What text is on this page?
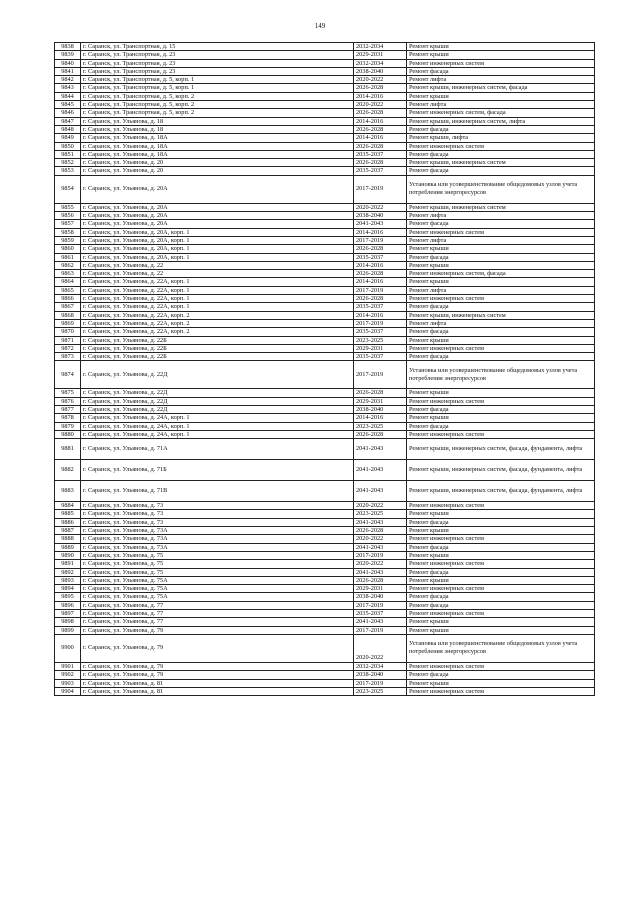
149
9838	г. Саранск, ул. Транспортная, д. 15	2032-2034	Ремонт крыши
9839	г. Саранск, ул. Транспортная, д. 23	2029-2031	Ремонт крыши
9840	г. Саранск, ул. Транспортная, д. 23	2032-2034	Ремонт инженерных систем
9841	г. Саранск, ул. Транспортная, д. 23	2038-2040	Ремонт фасада
9842	г. Саранск, ул. Транспортная, д. 5, корп. 1	2020-2022	Ремонт лифта
9843	г. Саранск, ул. Транспортная, д. 5, корп. 1	2026-2028	Ремонт крыши, инженерных систем, фасада
9844	г. Саранск, ул. Транспортная, д. 5, корп. 2	2014-2016	Ремонт крыши
9845	г. Саранск, ул. Транспортная, д. 5, корп. 2	2020-2022	Ремонт лифта
9846	г. Саранск, ул. Транспортная, д. 5, корп. 2	2026-2028	Ремонт инженерных систем, фасада
9847	г. Саранск, ул. Ульянова, д. 18	2014-2016	Ремонт крыши, инженерных систем, лифта
9848	г. Саранск, ул. Ульянова, д. 18	2026-2028	Ремонт фасада
9849	г. Саранск, ул. Ульянова, д. 18А	2014-2016	Ремонт крыши, лифта
9850	г. Саранск, ул. Ульянова, д. 18А	2026-2028	Ремонт инженерных систем
9851	г. Саранск, ул. Ульянова, д. 18А	2035-2037	Ремонт фасада
9852	г. Саранск, ул. Ульянова, д. 20	2026-2028	Ремонт крыши, инженерных систем
9853	г. Саранск, ул. Ульянова, д. 20	2035-2037	Ремонт фасада
9854	г. Саранск, ул. Ульянова, д. 20А	2017-2019	Установка или усовершенствование общедомовых узлов учета потребления энергоресурсов
9855	г. Саранск, ул. Ульянова, д. 20А	2020-2022	Ремонт крыши, инженерных систем
9856	г. Саранск, ул. Ульянова, д. 20А	2038-2040	Ремонт лифта
9857	г. Саранск, ул. Ульянова, д. 20А	2041-2043	Ремонт фасада
9858	г. Саранск, ул. Ульянова, д. 20А, корп. 1	2014-2016	Ремонт инженерных систем
9859	г. Саранск, ул. Ульянова, д. 20А, корп. 1	2017-2019	Ремонт лифта
9860	г. Саранск, ул. Ульянова, д. 20А, корп. 1	2026-2028	Ремонт крыши
9861	г. Саранск, ул. Ульянова, д. 20А, корп. 1	2035-2037	Ремонт фасада
9862	г. Саранск, ул. Ульянова, д. 22	2014-2016	Ремонт крыши
9863	г. Саранск, ул. Ульянова, д. 22	2026-2028	Ремонт инженерных систем, фасада
9864	г. Саранск, ул. Ульянова, д. 22А, корп. 1	2014-2016	Ремонт крыши
9865	г. Саранск, ул. Ульянова, д. 22А, корп. 1	2017-2019	Ремонт лифта
9866	г. Саранск, ул. Ульянова, д. 22А, корп. 1	2026-2028	Ремонт инженерных систем
9867	г. Саранск, ул. Ульянова, д. 22А, корп. 1	2035-2037	Ремонт фасада
9868	г. Саранск, ул. Ульянова, д. 22А, корп. 2	2014-2016	Ремонт крыши, инженерных систем
9869	г. Саранск, ул. Ульянова, д. 22А, корп. 2	2017-2019	Ремонт лифта
9870	г. Саранск, ул. Ульянова, д. 22А, корп. 2	2035-2037	Ремонт фасада
9871	г. Саранск, ул. Ульянова, д. 22Б	2023-2025	Ремонт крыши
9872	г. Саранск, ул. Ульянова, д. 22Б	2029-2031	Ремонт инженерных систем
9873	г. Саранск, ул. Ульянова, д. 22Б	2035-2037	Ремонт фасада
9874	г. Саранск, ул. Ульянова, д. 22Д	2017-2019	Установка или усовершенствование общедомовых узлов учета потребления энергоресурсов
9875	г. Саранск, ул. Ульянова, д. 22Д	2026-2028	Ремонт крыши
9876	г. Саранск, ул. Ульянова, д. 22Д	2029-2031	Ремонт инженерных систем
9877	г. Саранск, ул. Ульянова, д. 22Д	2038-2040	Ремонт фасада
9878	г. Саранск, ул. Ульянова, д. 24А, корп. 1	2014-2016	Ремонт крыши
9879	г. Саранск, ул. Ульянова, д. 24А, корп. 1	2023-2025	Ремонт фасада
9880	г. Саранск, ул. Ульянова, д. 24А, корп. 1	2026-2028	Ремонт инженерных систем
9881	г. Саранск, ул. Ульянова, д. 71А	2041-2043	Ремонт крыши, инженерных систем, фасада, фундамента, лифта
9882	г. Саранск, ул. Ульянова, д. 71Б	2041-2043	Ремонт крыши, инженерных систем, фасада, фундамента, лифта
9883	г. Саранск, ул. Ульянова, д. 71В	2041-2043	Ремонт крыши, инженерных систем, фасада, фундамента, лифта
9884	г. Саранск, ул. Ульянова, д. 73	2020-2022	Ремонт инженерных систем
9885	г. Саранск, ул. Ульянова, д. 73	2023-2025	Ремонт крыши
9886	г. Саранск, ул. Ульянова, д. 73	2041-2043	Ремонт фасада
9887	г. Саранск, ул. Ульянова, д. 73А	2026-2028	Ремонт крыши
9888	г. Саранск, ул. Ульянова, д. 73А	2020-2022	Ремонт инженерных систем
9889	г. Саранск, ул. Ульянова, д. 73А	2041-2043	Ремонт фасада
9890	г. Саранск, ул. Ульянова, д. 75	2017-2019	Ремонт крыши
9891	г. Саранск, ул. Ульянова, д. 75	2020-2022	Ремонт инженерных систем
9892	г. Саранск, ул. Ульянова, д. 75	2041-2043	Ремонт фасада
9893	г. Саранск, ул. Ульянова, д. 75А	2026-2028	Ремонт крыши
9894	г. Саранск, ул. Ульянова, д. 75А	2029-2031	Ремонт инженерных систем
9895	г. Саранск, ул. Ульянова, д. 75А	2038-2040	Ремонт фасада
9896	г. Саранск, ул. Ульянова, д. 77	2017-2019	Ремонт фасада
9897	г. Саранск, ул. Ульянова, д. 77	2035-2037	Ремонт инженерных систем
9898	г. Саранск, ул. Ульянова, д. 77	2041-2043	Ремонт крыши
9899	г. Саранск, ул. Ульянова, д. 79	2017-2019	Ремонт крыши
9900	г. Саранск, ул. Ульянова, д. 79	2020-2022	Установка или усовершенствование общедомовых узлов учета потребления энергоресурсов
9901	г. Саранск, ул. Ульянова, д. 79	2032-2034	Ремонт инженерных систем
9902	г. Саранск, ул. Ульянова, д. 79	2038-2040	Ремонт фасада
9903	г. Саранск, ул. Ульянова, д. 81	2017-2019	Ремонт крыши
9904	г. Саранск, ул. Ульянова, д. 81	2023-2025	Ремонт инженерных систем
